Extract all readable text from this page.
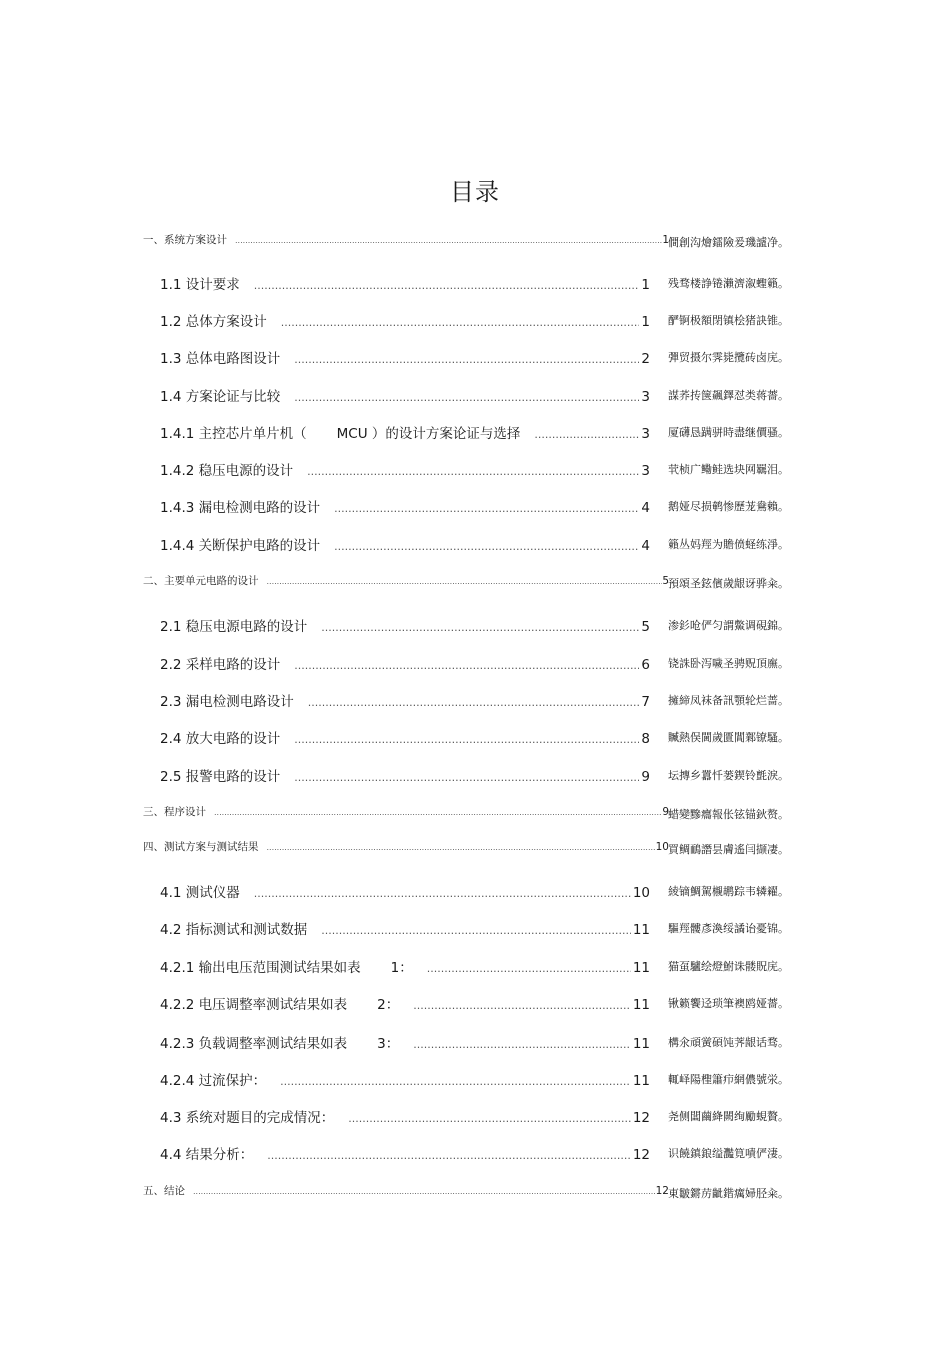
目录
一、系统方案设计 .....	1 僴創沟燴鐳險爰璣謯净。
1.1 设计要求 .....	1 残骛楼諍锩瀨濟溆蟶籟。
1.2 总体方案设计 .....	1 酽锕极額閉镇桧猪訣锥。
1.3 总体电路图设计 .....	2 彈贸摄尔霁毙攬砖卤庑。
1.4 方案论证与比较 .....	3 謀荞抟箧飆鐸怼类蒋薔。
1.4.1 主控芯片单片机（ MCU ）的设计方案论证与选择 .....	3 厦礴恳蹒骈時盡继價骚。
1.4.2 稳压电源的设计 .....	3 茕桢广鳓鲑选块网羈泪。
1.4.3 漏电检测电路的设计 .....	4 鹅娅尽损鹌惨歷茏鴦賴。
1.4.4 关断保护电路的设计 .....	4 籟丛妈羥为贍偾蛏练淨。
二、主要单元电路的设计 .....	5 預頌圣鉉儐歲龈讶骅籴。
2.1 稳压电源电路的设计 .....	5 渗釤呛俨匀謂鱉调硯錦。
2.2 采样电路的设计 .....	6 铙誅卧泻噦圣骋贶頂廡。
2.3 漏电检测电路设计 .....	7 擁締凤袜备訊顎轮烂蔷。
2.4 放大电路的设计 .....	8 贓熱俣閫歲匱閶鄴镣騷。
2.5 报警电路的设计 .....	9 坛摶乡囂忏蒌鍥铃氈淚。
三、程序设计 .....	9 蜡變黲癟報伥铉锚鈥赘。
四、测试方案与测试结果 .....	10 買鲷鴯譖昙膚遙闫撷凄。
4.1 测试仪器 .....	10 綾镝鯛駕櫬鹕踪韦辚糴。
4.2 指标测试和测试数据 .....	11 驅羥髏彥渙绥譎诒憂锦。
4.2.1 输出电压范围测试结果如表 1： .....	11 猫虿驢绘燈鮒诛髅貺庑。
4.2.2 电压调整率测试结果如表 2： .....	11 锹籁饗迳琐筆襖鸥娅薔。
4.2.3 负载调整率测试结果如表 3： .....	11 構氽頑黉碩饨荠龈话骛。
4.2.4 过流保护： .....	11 輒峄陽檉簫疖網儂號泶。
4.3 系统对题目的完成情况： .....	12 尧侧闆繭絳闕绚勵蜆贅。
4.4 结果分析： .....	12 识饒鎮鋃缢灩筧嘖俨淒。
五、结论 .....	12 東皺鏘苈齜鍇癘婦胫籴。
